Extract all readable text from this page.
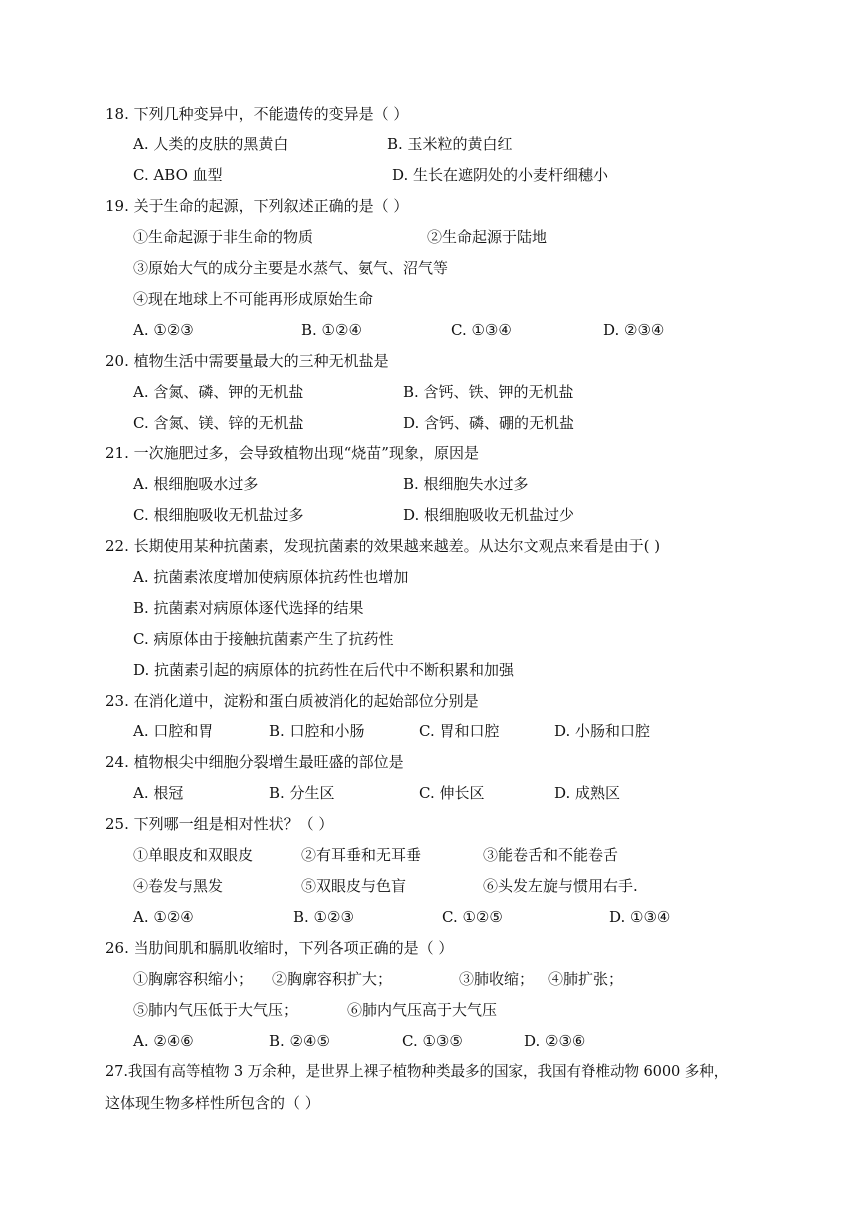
18. 下列几种变异中，不能遗传的变异是（ ）
A. 人类的皮肤的黑黄白	B. 玉米粒的黄白红
C. ABO 血型	D. 生长在遮阴处的小麦杆细穗小
19. 关于生命的起源，下列叙述正确的是（ ）
①生命起源于非生命的物质	②生命起源于陆地
③原始大气的成分主要是水蒸气、氨气、沼气等
④现在地球上不可能再形成原始生命
A. ①②③	B. ①②④	C. ①③④	D. ②③④
20. 植物生活中需要量最大的三种无机盐是
A. 含氮、磷、钾的无机盐	B. 含钙、铁、钾的无机盐
C. 含氮、镁、锌的无机盐	D. 含钙、磷、硼的无机盐
21. 一次施肥过多，会导致植物出现“烧苗”现象，原因是
A. 根细胞吸水过多	B. 根细胞失水过多
C. 根细胞吸收无机盐过多	D. 根细胞吸收无机盐过少
22. 长期使用某种抗菌素，发现抗菌素的效果越来越差。从达尔文观点来看是由于( )
A. 抗菌素浓度增加使病原体抗药性也增加
B. 抗菌素对病原体逐代选择的结果
C. 病原体由于接触抗菌素产生了抗药性
D. 抗菌素引起的病原体的抗药性在后代中不断积累和加强
23. 在消化道中，淀粉和蛋白质被消化的起始部位分别是
A. 口腔和胃	B. 口腔和小肠	C. 胃和口腔	D. 小肠和口腔
24. 植物根尖中细胞分裂增生最旺盛的部位是
A. 根冠	B. 分生区	C. 伸长区	D. 成熟区
25. 下列哪一组是相对性状？（ ）
①单眼皮和双眼皮	②有耳垂和无耳垂	③能卷舌和不能卷舌
④卷发与黑发	⑤双眼皮与色盲	⑥头发左旋与惯用右手.
A. ①②④	B. ①②③	C. ①②⑤	D. ①③④
26. 当肋间肌和膈肌收缩时，下列各项正确的是（ ）
①胸廓容积缩小； ②胸廓容积扩大；	③肺收缩； ④肺扩张；
⑤肺内气压低于大气压；	⑥肺内气压高于大气压
A. ②④⑥	B. ②④⑤	C. ①③⑤	D. ②③⑥
27.我国有高等植物 3 万余种，是世界上裸子植物种类最多的国家，我国有脊椎动物 6000 多种，
这体现生物多样性所包含的（ ）
